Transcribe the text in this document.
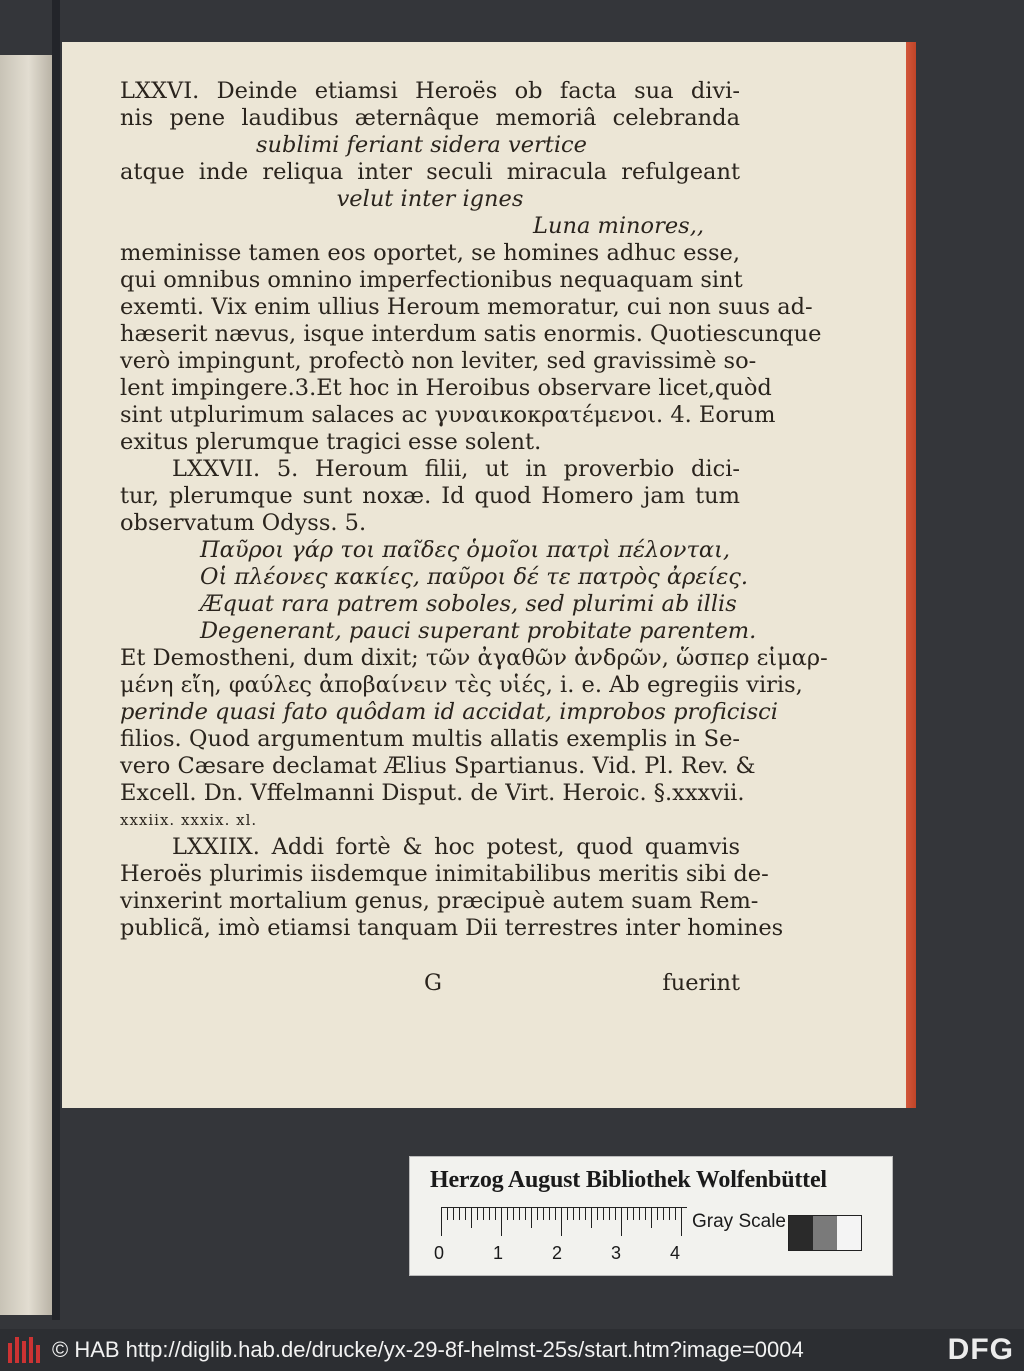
LXXVI. Deinde etiamsi Heroës ob facta sua divi-
nis pene laudibus æternâque memoriâ celebranda
sublimi feriant sidera vertice
atque inde reliqua inter seculi miracula refulgeant
velut inter ignes
Luna minores,,
meminisse tamen eos oportet, se homines adhuc esse,
qui omnibus omnino imperfectionibus nequaquam sint
exemti. Vix enim ullius Heroum memoratur, cui non suus ad-
hæserit nævus, isque interdum satis enormis. Quotiescunque
verò impingunt, profectò non leviter, sed gravissimè so-
lent impingere.3.Et hoc in Heroibus observare licet,quòd
sint utplurimum salaces ac γυναικοκρατέμενοι. 4. Eorum
exitus plerumque tragici esse solent.
LXXVII. 5. Heroum filii, ut in proverbio dici-
tur, plerumque sunt noxæ. Id quod Homero jam tum
observatum Odyss. 5.
Παῦροι γάρ τοι παῖδες ὁμοῖοι πατρὶ πέλονται,
Οἱ πλέονες κακίες, παῦροι δέ τε πατρὸς ἀρείες.
Æquat rara patrem soboles, sed plurimi ab illis
Degenerant, pauci superant probitate parentem.
Et Demostheni, dum dixit; τῶν ἀγαθῶν ἀνδρῶν, ὥσπερ εἱμαρ-
μένη εἴη, φαύλες ἀποβαίνειν τὲς υἱές, i. e. Ab egregiis viris,
perinde quasi fato quôdam id accidat, improbos proficisci
filios. Quod argumentum multis allatis exemplis in Se-
vero Cæsare declamat Ælius Spartianus. Vid. Pl. Rev. &
Excell. Dn. Vffelmanni Disput. de Virt. Heroic. §.xxxvii.
xxxiix. xxxix. xl.
LXXIIX. Addi fortè & hoc potest, quod quamvis
Heroës plurimis iisdemque inimitabilibus meritis sibi de-
vinxerint mortalium genus, præcipuè autem suam Rem-
publicã, imò etiamsi tanquam Dii terrestres inter homines
G	fuerint
Herzog August Bibliothek Wolfenbüttel
0	1	2	3	4
Gray Scale
© HAB http://diglib.hab.de/drucke/yx-29-8f-helmst-25s/start.htm?image=0004	DFG
